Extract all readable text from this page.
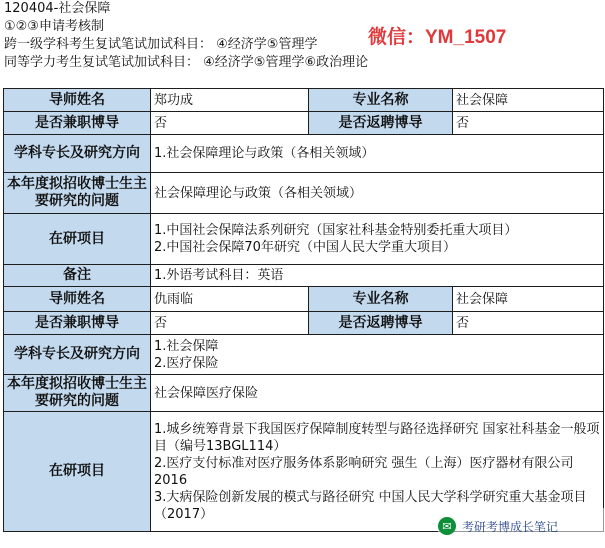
120404-社会保障
①②③申请考核制
跨一级学科考生复试笔试加试科目： ④经济学⑤管理学
同等学力考生复试笔试加试科目： ④经济学⑤管理学⑥政治理论
微信：YM_1507
导师姓名	郑功成	专业名称	社会保障
是否兼职博导	否	是否返聘博导	否
学科专长及研究方向	1.社会保障理论与政策（各相关领域）		

本年度拟招收博士生主要研究的问题	社会保障理论与政策（各相关领域）		
在研项目	1.中国社会保障法系列研究（国家社科基金特别委托重大项目）
2.中国社会保障70年研究（中国人民大学重大项目）		

备注	1.外语考试科目：英语		
导师姓名	仇雨临	专业名称	社会保障
是否兼职博导	否	是否返聘博导	否
学科专长及研究方向	1.社会保障
2.医疗保险		

本年度拟招收博士生主要研究的问题	社会保障医疗保险		
在研项目	1.城乡统筹背景下我国医疗保障制度转型与路径选择研究 国家社科基金一般项目（编号13BGL114）
2.医疗支付标准对医疗服务体系影响研究 强生（上海）医疗器材有限公司 2016
3.大病保险创新发展的模式与路径研究 中国人民大学科学研究重大基金项目（2017）		
✉ 考研考博成长笔记
